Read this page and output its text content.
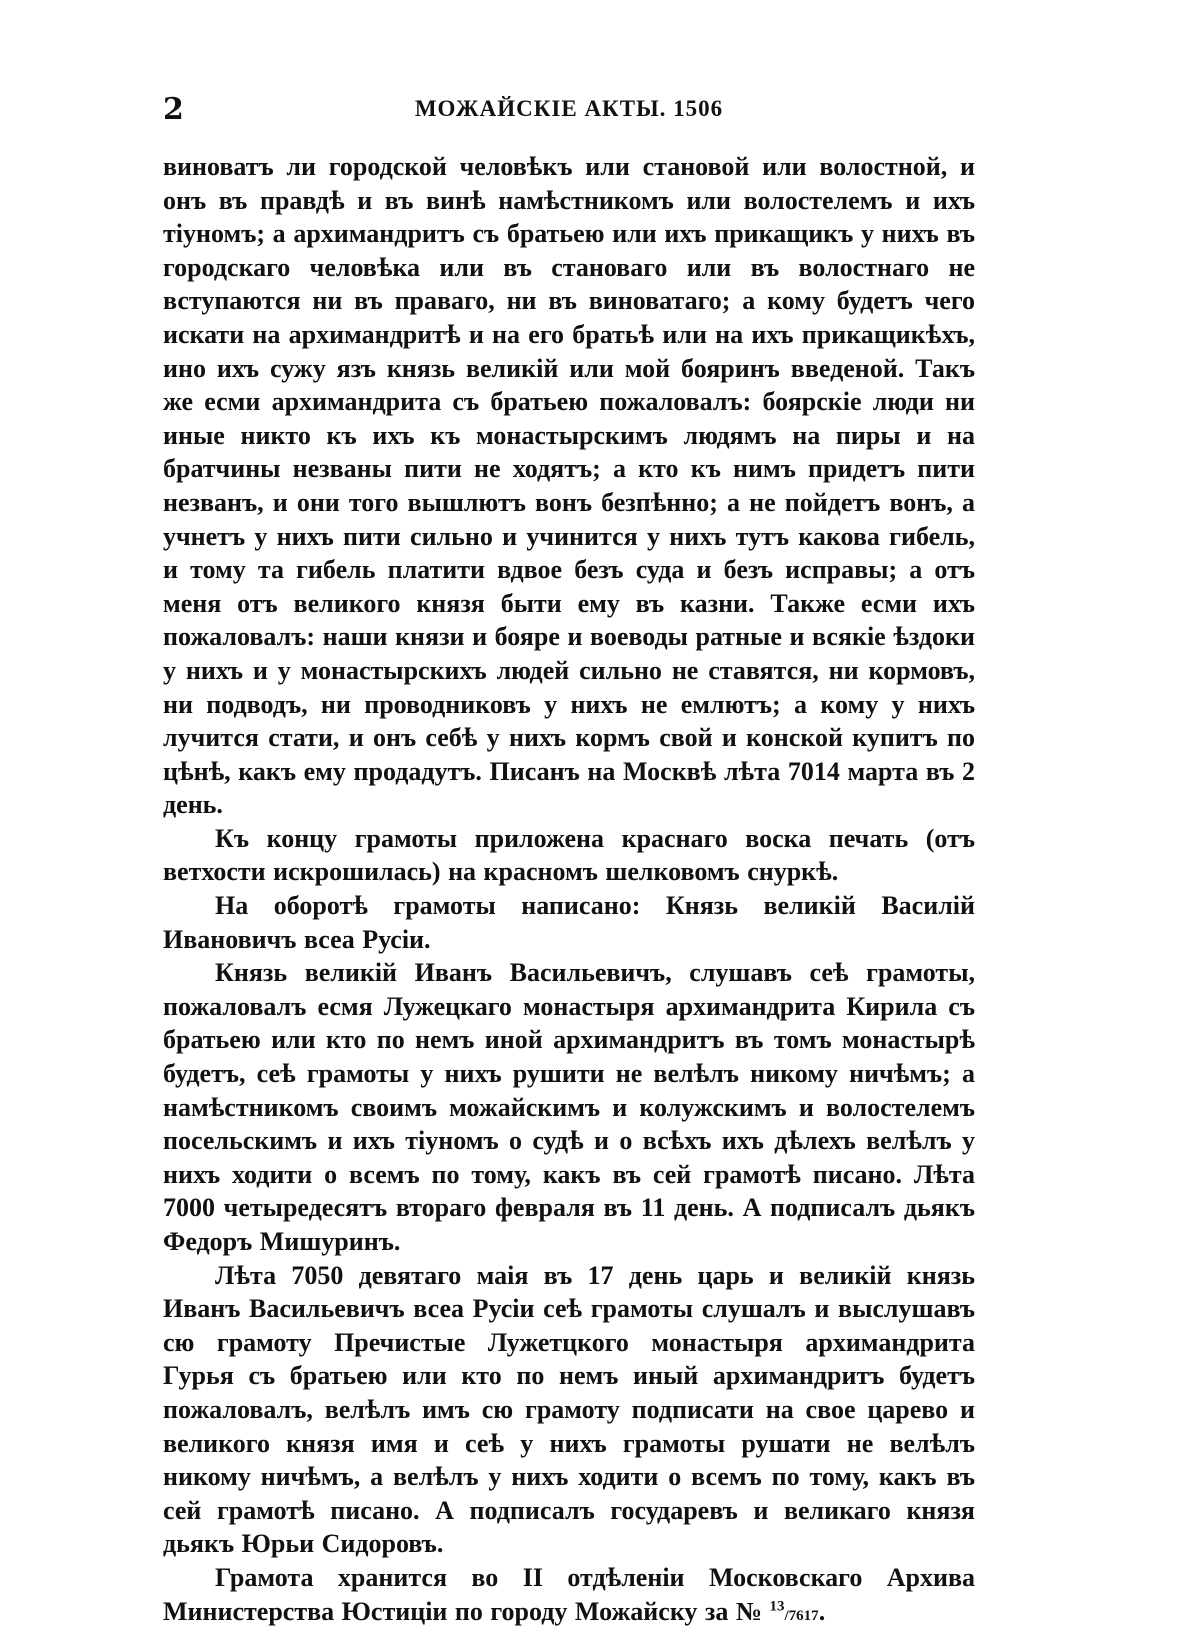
2	МОЖАЙСКІЕ АКТЫ. 1506

виноватъ ли городской человѣкъ или становой или волостной, и онъ въ правдѣ и въ винѣ намѣстникомъ или волостелемъ и ихъ тіуномъ; а архимандритъ съ братьею или ихъ прикащикъ у нихъ въ городскаго человѣка или въ становаго или въ волостнаго не вступаются ни въ праваго, ни въ виноватаго; а кому будетъ чего искати на архимандритѣ и на его братьѣ или на ихъ прикащикѣхъ, ино ихъ сужу язъ князь великій или мой бояринъ введеной. Такъ же есми архимандрита съ братьею пожаловалъ: боярскіе люди ни иные никто къ ихъ къ монастырскимъ людямъ на пиры и на братчины незваны пити не ходятъ; а кто къ нимъ придетъ пити незванъ, и они того вышлютъ вонъ безпѣнно; а не пойдетъ вонъ, а учнетъ у нихъ пити сильно и учинится у нихъ тутъ какова гибель, и тому та гибель платити вдвое безъ суда и безъ исправы; а отъ меня отъ великого князя быти ему въ казни. Также есми ихъ пожаловалъ: наши князи и бояре и воеводы ратные и всякіе ѣздоки у нихъ и у монастырскихъ людей сильно не ставятся, ни кормовъ, ни подводъ, ни проводниковъ у нихъ не емлютъ; а кому у нихъ лучится стати, и онъ себѣ у нихъ кормъ свой и конской купитъ по цѣнѣ, какъ ему продадутъ. Писанъ на Москвѣ лѣта 7014 марта въ 2 день.

Къ концу грамоты приложена краснаго воска печать (отъ ветхости искрошилась) на красномъ шелковомъ снуркѣ.

На оборотѣ грамоты написано: Князь великій Василій Ивановичъ всеа Русіи.

Князь великій Иванъ Васильевичъ, слушавъ сеѣ грамоты, пожаловалъ есмя Лужецкаго монастыря архимандрита Кирила съ братьею или кто по немъ иной архимандритъ въ томъ монастырѣ будетъ, сеѣ грамоты у нихъ рушити не велѣлъ никому ничѣмъ; а намѣстникомъ своимъ можайскимъ и колужскимъ и волостелемъ посельскимъ и ихъ тіуномъ о судѣ и о всѣхъ ихъ дѣлехъ велѣлъ у нихъ ходити о всемъ по тому, какъ въ сей грамотѣ писано. Лѣта 7000 четыредесятъ втораго февраля въ 11 день. А подписалъ дьякъ Федоръ Мишуринъ.

Лѣта 7050 девятаго маія въ 17 день царь и великій князь Иванъ Васильевичъ всеа Русіи сеѣ грамоты слушалъ и выслушавъ сю грамоту Пречистые Лужетцкого монастыря архимандрита Гурья съ братьею или кто по немъ иный архимандритъ будетъ пожаловалъ, велѣлъ имъ сю грамоту подписати на свое царево и великого князя имя и сеѣ у нихъ грамоты рушати не велѣлъ никому ничѣмъ, а велѣлъ у нихъ ходити о всемъ по тому, какъ въ сей грамотѣ писано. А подписалъ государевъ и великаго князя дьякъ Юрьи Сидоровъ.

Грамота хранится во II отдѣленіи Московскаго Архива Министерства Юстиціи по городу Можайску за № $^{13}$/7617.
